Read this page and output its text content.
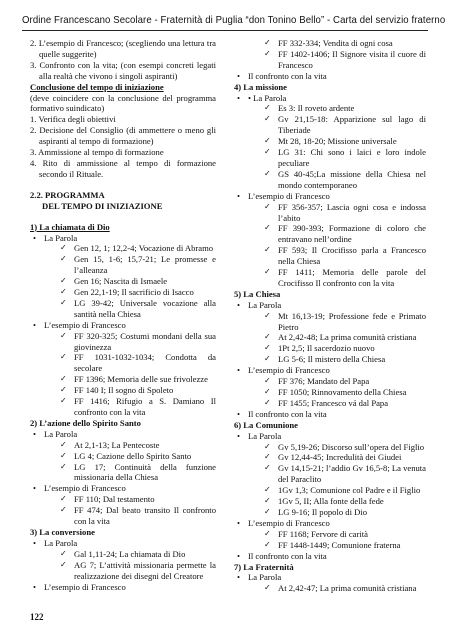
Ordine Francescano Secolare - Fraternità di Puglia “don Tonino Bello” - Carta del servizio fraterno
2. L’esempio di Francesco; (scegliendo una lettura tra quelle suggerite)
3. Confronto con la vita; (con esempi concreti legati alla realtà che vivono i singoli aspiranti)
Conclusione del tempo di iniziazione
(deve coincidere con la conclusione del programma formativo suindicato)
1. Verifica degli obiettivi
2. Decisione del Consiglio (di ammettere o meno gli aspiranti al tempo di formazione)
3. Ammissione al tempo di formazione
4. Rito di ammissione al tempo di formazione secondo il Rituale.
2.2. PROGRAMMA
DEL TEMPO DI INIZIAZIONE
1) La chiamata di Dio
• La Parola
✓ Gen 12, 1; 12,2-4; Vocazione di Abramo
✓ Gen 15, 1-6; 15,7-21; Le promesse e l’alleanza
✓ Gen 16; Nascita di Ismaele
✓ Gen 22,1-19; Il sacrificio di Isacco
✓ LG 39-42; Universale vocazione alla santità nella Chiesa
• L’esempio di Francesco
✓ FF 320-325; Costumi mondani della sua giovinezza
✓ FF 1031-1032-1034; Condotta da secolare
✓ FF 1396; Memoria delle sue frivolezze
✓ FF 140 I; Il sogno di Spoleto
✓ FF 1416; Rifugio a S. Damiano Il confronto con la vita
2) L’azione dello Spirito Santo
• La Parola
✓ At 2,1-13; La Pentecoste
✓ LG 4; Cazione dello Spirito Santo
✓ LG 17; Continuità della funzione missionaria della Chiesa
• L’esempio di Francesco
✓ FF 110; Dal testamento
✓ FF 474; Dal beato transito Il confronto con la vita
3) La conversione
• La Parola
✓ Gal 1,11-24; La chiamata di Dio
✓ AG 7; L’attività missionaria permette la realizzazione dei disegni del Creatore
• L’esempio di Francesco
✓ FF 332-334; Vendita di ogni cosa
✓ FF 1402-1406; Il Signore visita il cuore di Francesco
• Il confronto con la vita
4) La missione
• • La Parola
✓ Es 3: Il roveto ardente
✓ Gv 21,15-18: Apparizione sul lago di Tiberiade
✓ Mt 28, 18-20; Missione universale
✓ LG 31: Chi sono i laici e loro indole peculiare
✓ GS 40-45;La missione della Chiesa nel mondo contemporaneo
• L’esempio di Francesco
✓ FF 356-357; Lascia ogni cosa e indossa l’abito
✓ FF 390-393; Formazione di coloro che entravano nell’ordine
✓ FF 593; Il Crocifisso parla a Francesco nella Chiesa
✓ FF 1411; Memoria delle parole del Crocifisso Il confronto con la vita
5) La Chiesa
• La Parola
✓ Mt 16,13-19; Professione fede e Primato Pietro
✓ At 2,42-48; La prima comunità cristiana
✓ 1Pt 2,5; Il sacerdozio nuovo
✓ LG 5-6; Il mistero della Chiesa
• L’esempio di Francesco
✓ FF 376; Mandato del Papa
✓ FF 1050; Rinnovamento della Chiesa
✓ FF 1455; Francesco vá dal Papa
• Il confronto con la vita
6) La Comunione
• La Parola
✓ Gv 5,19-26; Discorso sull’opera del Figlio
✓ Gv 12,44-45; Incredulità dei Giudei
✓ Gv 14,15-21; l’addio Gv 16,5-8; La venuta del Paraclito
✓ 1Gv 1,3; Comunione col Padre e il Figlio
✓ 1Gv 5, II; Alla fonte della fede
✓ LG 9-16; Il popolo di Dio
• L’esempio di Francesco
✓ FF 1168; Fervore di carità
✓ FF 1448-1449; Comunione fraterna
• Il confronto con la vita
7) La Fraternità
• La Parola
✓ At 2,42-47; La prima comunità cristiana
122
